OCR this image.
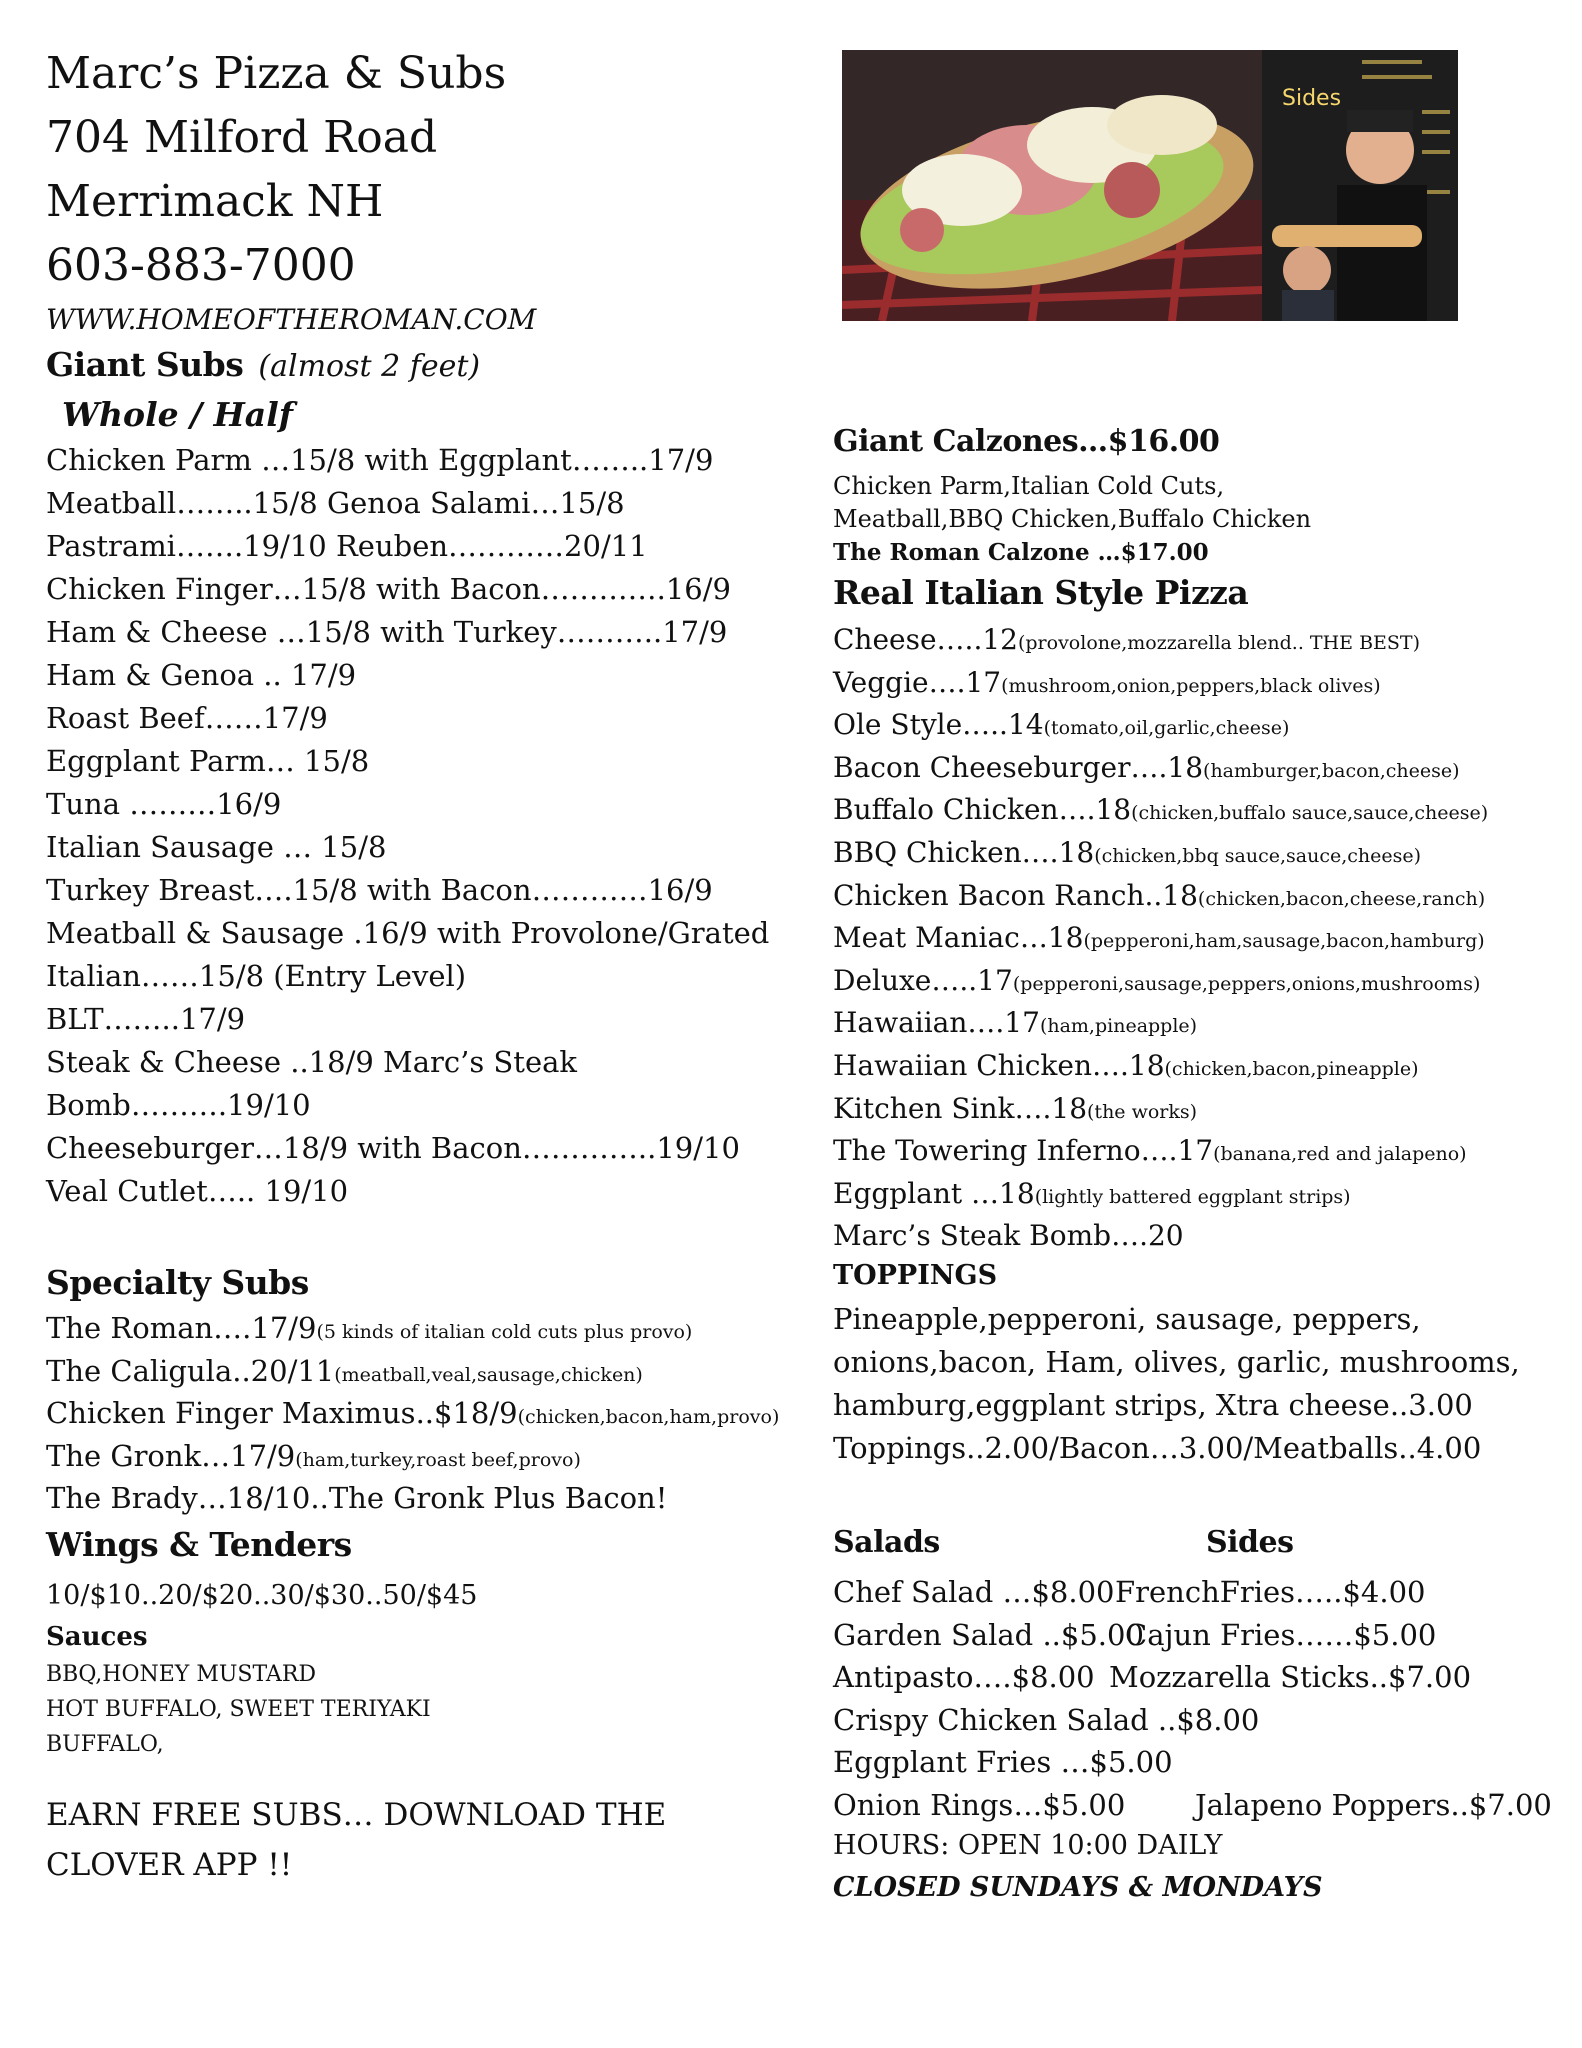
Marc’s Pizza & Subs
704 Milford Road
Merrimack NH
603-883-7000
WWW.HOMEOFTHEROMAN.COM
Giant Subs (almost 2 feet)
Whole / Half
Chicken Parm …15/8 with Eggplant……..17/9
Meatball……..15/8 Genoa Salami…15/8
Pastrami…….19/10 Reuben…………20/11
Chicken Finger…15/8 with Bacon………….16/9
Ham & Cheese …15/8 with Turkey………..17/9
Ham & Genoa .. 17/9
Roast Beef……17/9
Eggplant Parm… 15/8
Tuna ………16/9
Italian Sausage … 15/8
Turkey Breast….15/8 with Bacon…………16/9
Meatball & Sausage .16/9 with Provolone/Grated
Italian……15/8 (Entry Level)
BLT……..17/9
Steak & Cheese ..18/9 Marc’s Steak
Bomb……….19/10
Cheeseburger…18/9 with Bacon…………..19/10
Veal Cutlet….. 19/10
Specialty Subs
The Roman….17/9(5 kinds of italian cold cuts plus provo)
The Caligula..20/11(meatball,veal,sausage,chicken)
Chicken Finger Maximus..$18/9(chicken,bacon,ham,provo)
The Gronk…17/9(ham,turkey,roast beef,provo)
The Brady…18/10..The Gronk Plus Bacon!
Wings & Tenders
10/$10..20/$20..30/$30..50/$45
Sauces
BBQ,HONEY MUSTARD
HOT BUFFALO, SWEET TERIYAKI
BUFFALO,
EARN FREE SUBS… DOWNLOAD THE
CLOVER APP !!
Sides
Giant Calzones…$16.00
Chicken Parm,Italian Cold Cuts,
Meatball,BBQ Chicken,Buffalo Chicken
The Roman Calzone …$17.00
Real Italian Style Pizza
Cheese…..12(provolone,mozzarella blend.. THE BEST)
Veggie….17(mushroom,onion,peppers,black olives)
Ole Style…..14(tomato,oil,garlic,cheese)
Bacon Cheeseburger….18(hamburger,bacon,cheese)
Buffalo Chicken….18(chicken,buffalo sauce,sauce,cheese)
BBQ Chicken….18(chicken,bbq sauce,sauce,cheese)
Chicken Bacon Ranch..18(chicken,bacon,cheese,ranch)
Meat Maniac…18(pepperoni,ham,sausage,bacon,hamburg)
Deluxe…..17(pepperoni,sausage,peppers,onions,mushrooms)
Hawaiian….17(ham,pineapple)
Hawaiian Chicken….18(chicken,bacon,pineapple)
Kitchen Sink….18(the works)
The Towering Inferno….17(banana,red and jalapeno)
Eggplant …18(lightly battered eggplant strips)
Marc’s Steak Bomb….20
TOPPINGS
Pineapple,pepperoni, sausage, peppers,
onions,bacon, Ham, olives, garlic, mushrooms,
hamburg,eggplant strips, Xtra cheese..3.00
Toppings..2.00/Bacon…3.00/Meatballs..4.00
Salads	Sides
Chef Salad …$8.00 FrenchFries…..$4.00
Garden Salad ..$5.00
Cajun Fries……$5.00
Antipasto….$8.00 Mozzarella Sticks..$7.00
Crispy Chicken Salad ..$8.00
Eggplant Fries …$5.00
Onion Rings…$5.00 Jalapeno Poppers..$7.00
HOURS: OPEN 10:00 DAILY
CLOSED SUNDAYS & MONDAYS
